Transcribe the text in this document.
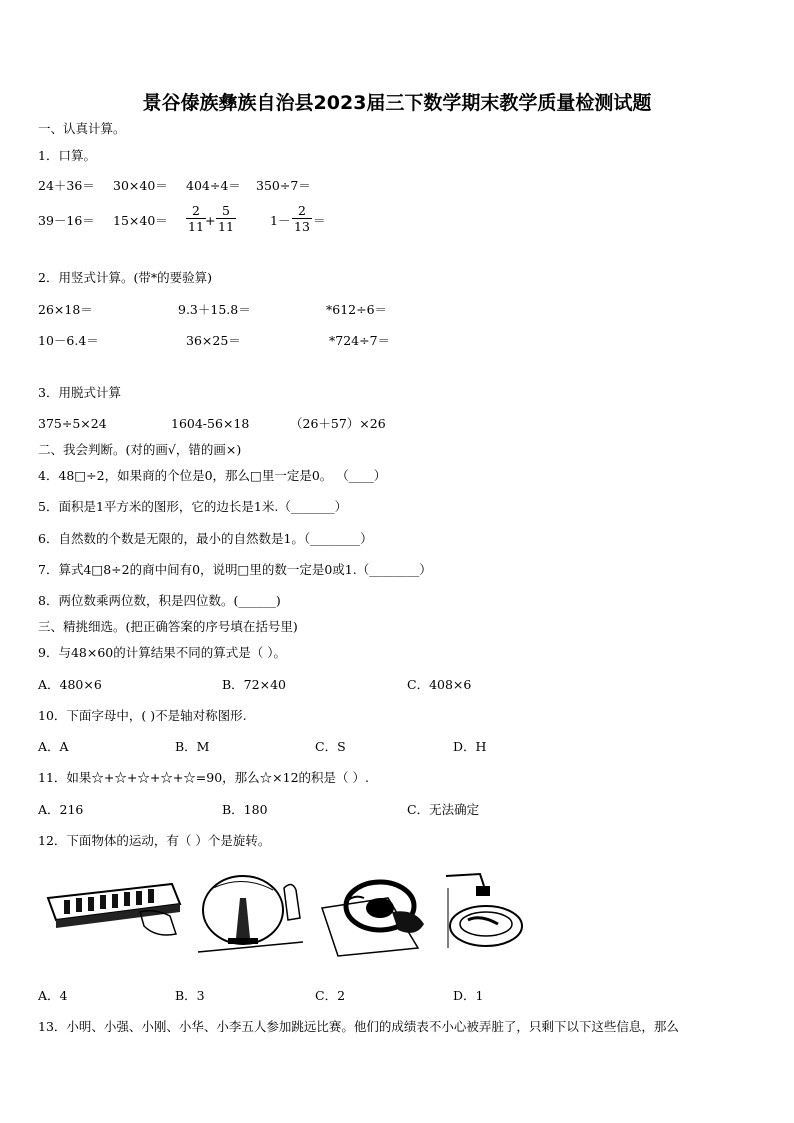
景谷傣族彝族自治县2023届三下数学期末教学质量检测试题
一、认真计算。
1．口算。
24＋36＝ 30×40＝ 404÷4＝ 350÷7＝
$39-16= 15\times 40= \frac{2}{11} + \frac{5}{11}$	$1- \frac{2}{13}$ ＝
2．用竖式计算。(带*的要验算)
26×18＝	9.3＋15.8＝	*612÷6＝
10－6.4＝	36×25＝	*724÷7＝
3．用脱式计算
375÷5×24	1604-56×18	（26＋57）×26
二、我会判断。(对的画√，错的画×)
4．48□÷2，如果商的个位是0，那么□里一定是0。 （____）
5．面积是1平方米的图形，它的边长是1米.（_______）
6．自然数的个数是无限的，最小的自然数是1。（________）
7．算式4□8÷2的商中间有0，说明□里的数一定是0或1.（________）
8．两位数乘两位数，积是四位数。(______)
三、精挑细选。(把正确答案的序号填在括号里)
9．与48×60的计算结果不同的算式是（ ）。
A．480×6	B．72×40	C．408×6
10．下面字母中，( )不是轴对称图形.
A．A	B．M	C．S	D．H
11．如果☆+☆+☆+☆+☆=90，那么☆×12的积是（ ）.
A．216	B．180	C．无法确定
12．下面物体的运动，有（ ）个是旋转。
A．4	B．3	C．2	D．1
13．小明、小强、小刚、小华、小李五人参加跳远比赛。他们的成绩表不小心被弄脏了，只剩下以下这些信息，那么
